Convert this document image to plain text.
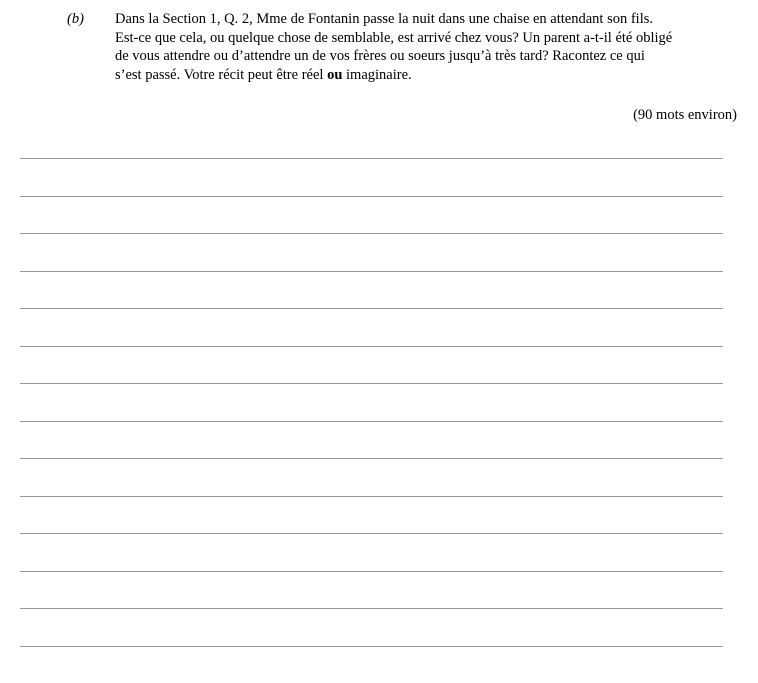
(b) Dans la Section 1, Q. 2, Mme de Fontanin passe la nuit dans une chaise en attendant son fils.
Est-ce que cela, ou quelque chose de semblable, est arrivé chez vous? Un parent a-t-il été obligé
de vous attendre ou d’attendre un de vos frères ou soeurs jusqu’à très tard? Racontez ce qui
s’est passé. Votre récit peut être réel ou imaginaire.
(90 mots environ)
